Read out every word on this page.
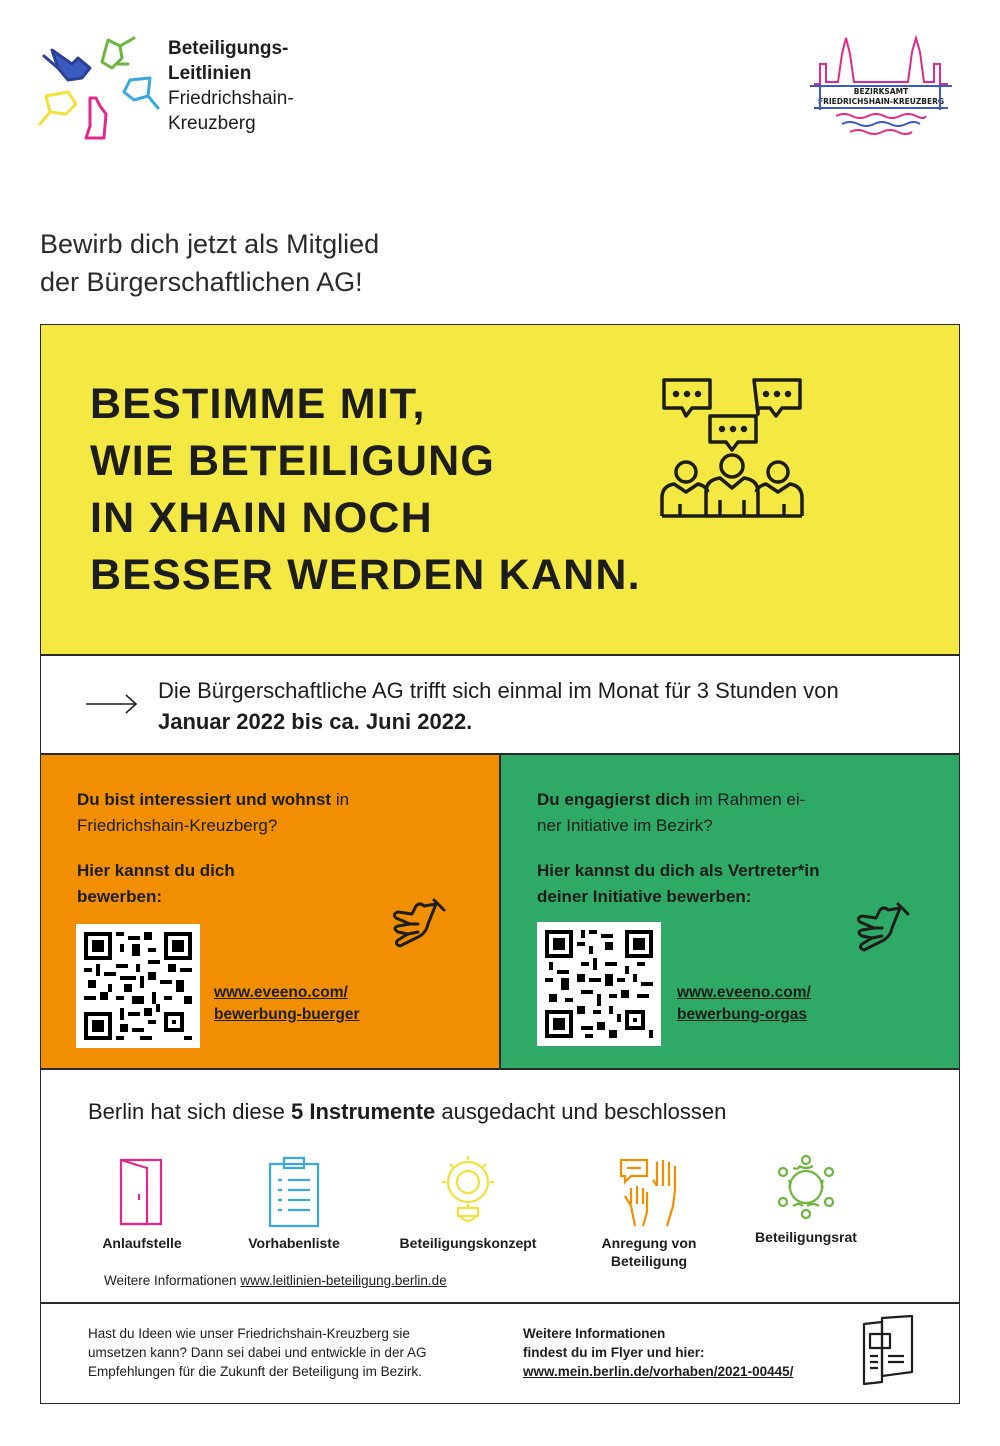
Beteiligungs-
Leitlinien
Friedrichshain-
Kreuzberg
BEZIRKSAMT
FRIEDRICHSHAIN-KREUZBERG
Bewirb dich jetzt als Mitglied
der Bürgerschaftlichen AG!
BESTIMME MIT,
WIE BETEILIGUNG
IN XHAIN NOCH
BESSER WERDEN KANN.
Die Bürgerschaftliche AG trifft sich einmal im Monat für 3 Stunden von
Januar 2022 bis ca. Juni 2022.
Du bist interessiert und wohnst in
Friedrichshain-Kreuzberg?
Hier kannst du dich
bewerben:
www.eveeno.com/
bewerbung-buerger
Du engagierst dich im Rahmen ei-
ner Initiative im Bezirk?
Hier kannst du dich als Vertreter*in
deiner Initiative bewerben:
www.eveeno.com/
bewerbung-orgas
Berlin hat sich diese 5 Instrumente ausgedacht und beschlossen
Anlaufstelle	Vorhabenliste	Beteiligungskonzept	Anregung von
Beteiligung
Beteiligungsrat
Weitere Informationen www.leitlinien-beteiligung.berlin.de
Hast du Ideen wie unser Friedrichshain-Kreuzberg sie
umsetzen kann? Dann sei dabei und entwickle in der AG
Empfehlungen für die Zukunft der Beteiligung im Bezirk.
Weitere Informationen
findest du im Flyer und hier:
www.mein.berlin.de/vorhaben/2021-00445/
